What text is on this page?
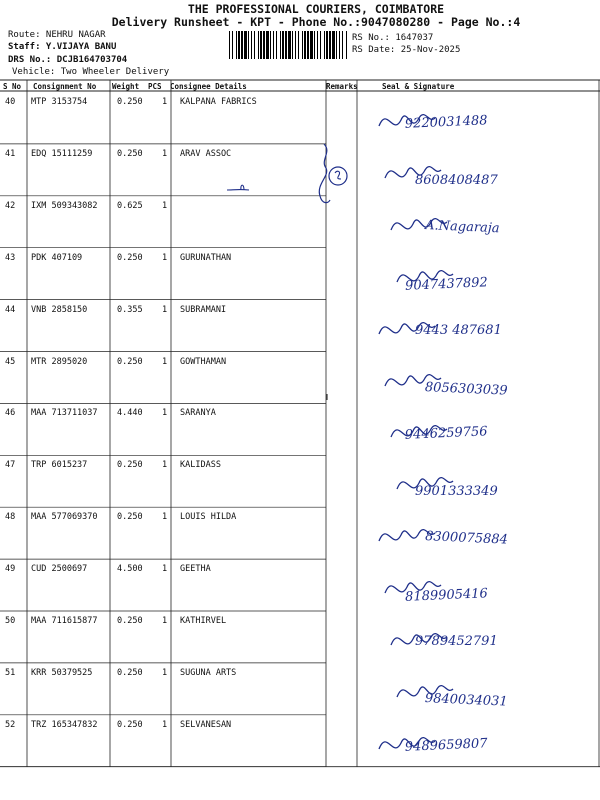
THE PROFESSIONAL COURIERS, COIMBATORE
Delivery Runsheet - KPT - Phone No.:9047080280 - Page No.:4
Route: NEHRU NAGAR
Staff: Y.VIJAYA BANU
DRS No.: DCJB164703704
Vehicle: Two Wheeler Delivery
RS No.: 1647037
RS Date: 25-Nov-2025
S No Consignment No Weight PCS Consignee Details	Remarks	Seal & Signature
40 MTP 3153754	0.250 1 KALPANA FABRICS
9220031488
41 EDQ 15111259	0.250 1 ARAV ASSOC
8608408487
42 IXM 509343082 0.625 1
A.Nagaraja
43 PDK 407109	0.250 1 GURUNATHAN
9047437892
44 VNB 2858150	0.355 1 SUBRAMANI
9443 487681
45 MTR 2895020	0.250 1 GOWTHAMAN
8056303039
46 MAA 713711037 4.440 1 SARANYA
9446259756
47 TRP 6015237	0.250 1 KALIDASS
9901333349
48 MAA 577069370 0.250 1 LOUIS HILDA
8300075884
49 CUD 2500697	4.500 1 GEETHA
8189905416
50 MAA 711615877 0.250 1 KATHIRVEL
9789452791
51 KRR 50379525	0.250 1 SUGUNA ARTS
9840034031
52 TRZ 165347832 0.250 1 SELVANESAN
9489659807
